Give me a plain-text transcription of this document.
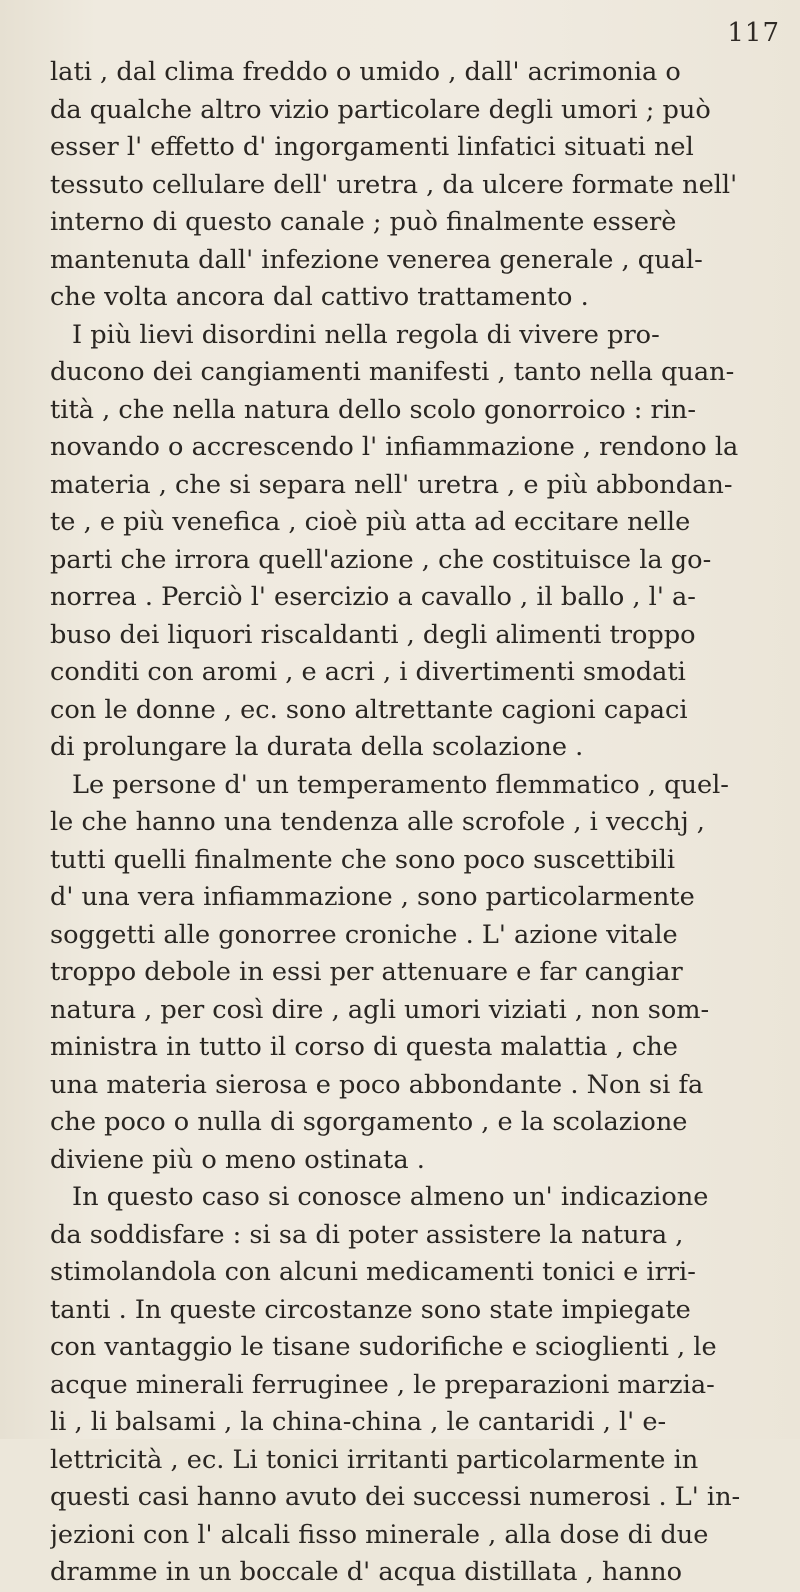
117
lati , dal clima freddo o umido , dall' acrimonia o
da qualche altro vizio particolare degli umori ; può
esser l' effetto d' ingorgamenti linfatici situati nel
tessuto cellulare dell' uretra , da ulcere formate nell'
interno di questo canale ; può finalmente esserè
mantenuta dall' infezione venerea generale , qual-
che volta ancora dal cattivo trattamento .
I più lievi disordini nella regola di vivere pro-
ducono dei cangiamenti manifesti , tanto nella quan-
tità , che nella natura dello scolo gonorroico : rin-
novando o accrescendo l' infiammazione , rendono la
materia , che si separa nell' uretra , e più abbondan-
te , e più venefica , cioè più atta ad eccitare nelle
parti che irrora quell'azione , che costituisce la go-
norrea . Perciò l' esercizio a cavallo , il ballo , l' a-
buso dei liquori riscaldanti , degli alimenti troppo
conditi con aromi , e acri , i divertimenti smodati
con le donne , ec. sono altrettante cagioni capaci
di prolungare la durata della scolazione .
Le persone d' un temperamento flemmatico , quel-
le che hanno una tendenza alle scrofole , i vecchj ,
tutti quelli finalmente che sono poco suscettibili
d' una vera infiammazione , sono particolarmente
soggetti alle gonorree croniche . L' azione vitale
troppo debole in essi per attenuare e far cangiar
natura , per così dire , agli umori viziati , non som-
ministra in tutto il corso di questa malattia , che
una materia sierosa e poco abbondante . Non si fa
che poco o nulla di sgorgamento , e la scolazione
diviene più o meno ostinata .
In questo caso si conosce almeno un' indicazione
da soddisfare : si sa di poter assistere la natura ,
stimolandola con alcuni medicamenti tonici e irri-
tanti . In queste circostanze sono state impiegate
con vantaggio le tisane sudorifiche e scioglienti , le
acque minerali ferruginee , le preparazioni marzia-
li , li balsami , la china-china , le cantaridi , l' e-
lettricità , ec. Li tonici irritanti particolarmente in
questi casi hanno avuto dei successi numerosi . L' in-
jezioni con l' alcali fisso minerale , alla dose di due
dramme in un boccale d' acqua distillata , hanno
